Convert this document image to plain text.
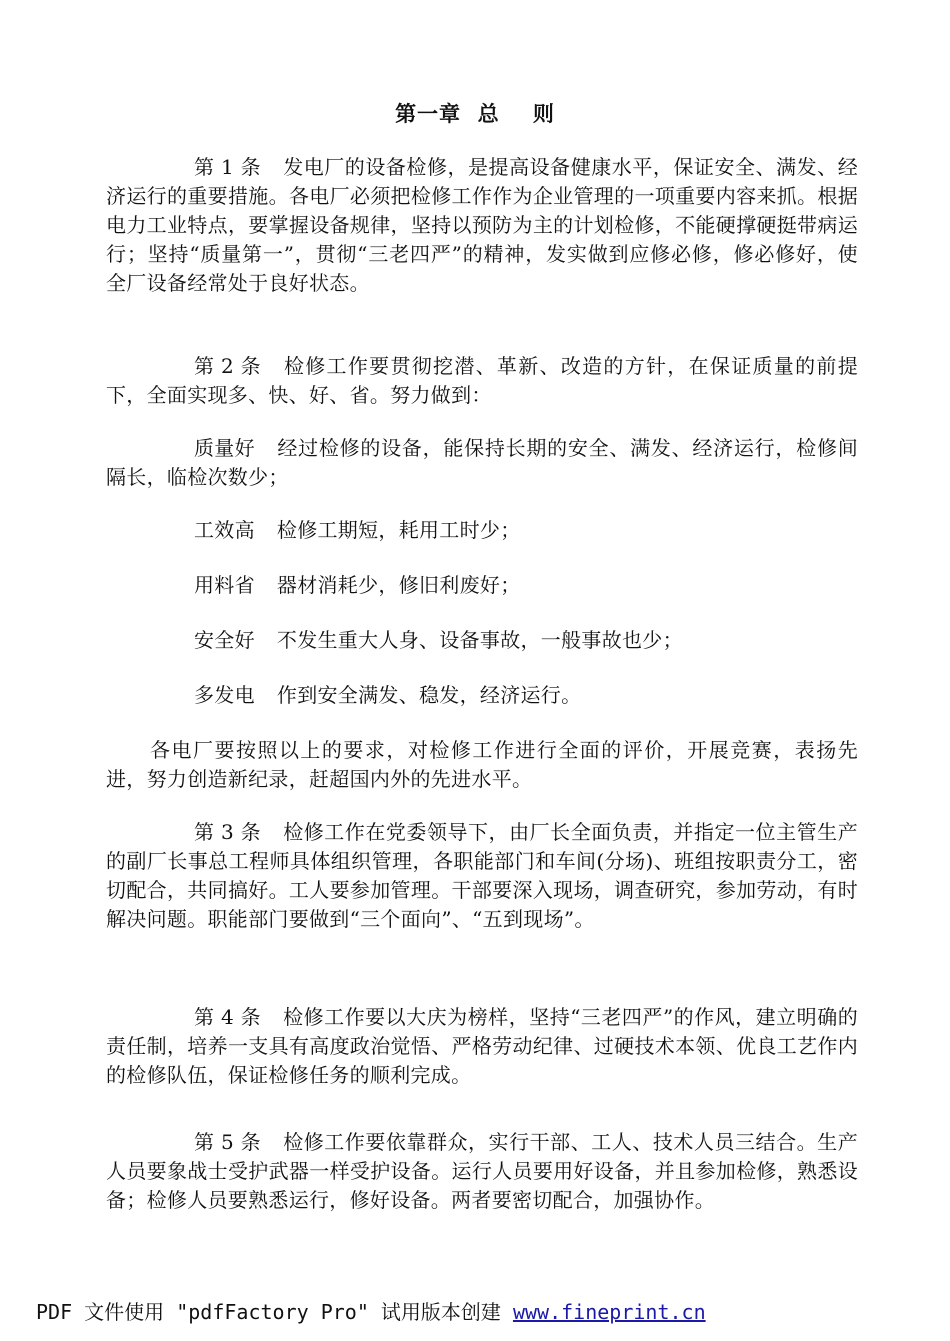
第一章  总    则

第 1 条 发电厂的设备检修，是提高设备健康水平，保证安全、满发、经济运行的重要措施。各电厂必须把检修工作作为企业管理的一项重要内容来抓。根据电力工业特点，要掌握设备规律，坚持以预防为主的计划检修，不能硬撑硬挺带病运行；坚持“质量第一”，贯彻“三老四严”的精神，发实做到应修必修，修必修好，使全厂设备经常处于良好状态。

第 2 条 检修工作要贯彻挖潜、革新、改造的方针，在保证质量的前提下，全面实现多、快、好、省。努力做到：

质量好 经过检修的设备，能保持长期的安全、满发、经济运行，检修间隔长，临检次数少；

工效高 检修工期短，耗用工时少；

用料省 器材消耗少，修旧利废好；

安全好 不发生重大人身、设备事故，一般事故也少；

多发电 作到安全满发、稳发，经济运行。

各电厂要按照以上的要求，对检修工作进行全面的评价，开展竞赛，表扬先进，努力创造新纪录，赶超国内外的先进水平。

第 3 条 检修工作在党委领导下，由厂长全面负责，并指定一位主管生产的副厂长事总工程师具体组织管理，各职能部门和车间(分场)、班组按职责分工，密切配合，共同搞好。工人要参加管理。干部要深入现场，调查研究，参加劳动，有时解决问题。职能部门要做到“三个面向”、“五到现场”。

第 4 条 检修工作要以大庆为榜样，坚持“三老四严”的作风，建立明确的责任制，培养一支具有高度政治觉悟、严格劳动纪律、过硬技术本领、优良工艺作内的检修队伍，保证检修任务的顺利完成。

第 5 条 检修工作要依靠群众，实行干部、工人、技术人员三结合。生产人员要象战士受护武器一样受护设备。运行人员要用好设备，并且参加检修，熟悉设备；检修人员要熟悉运行，修好设备。两者要密切配合，加强协作。

PDF 文件使用 "pdfFactory Pro" 试用版本创建 www.fineprint.cn
